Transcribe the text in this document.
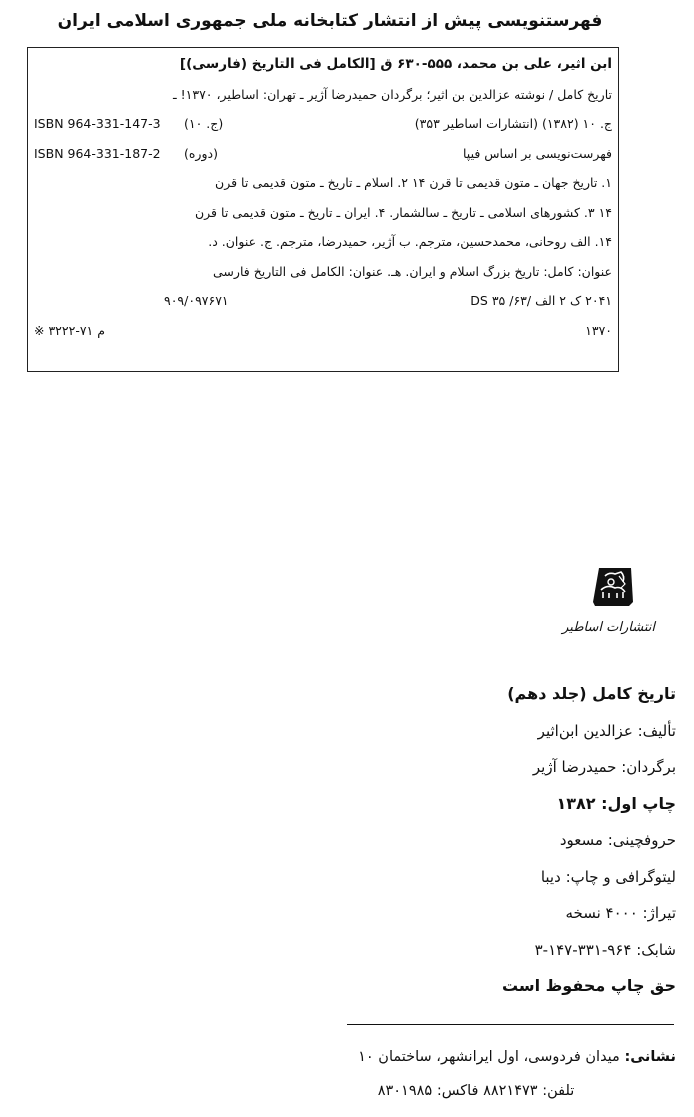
فهرستنویسی پیش از انتشار کتابخانه ملی جمهوری اسلامی ایران
ابن اثیر، علی بن محمد، ۵۵۵-۶۳۰ ق [الکامل فی التاریخ (فارسی)]
تاریخ کامل / نوشته عزالدین بن اثیر؛ برگردان حمیدرضا آژیر ـ تهران: اساطیر، ۱۳۷۰! ـ
ج. ۱۰ (۱۳۸۲) (انتشارات اساطیر ۳۵۳)
(ج. ۱۰)
ISBN 964-331-147-3
فهرست‌نویسی بر اساس فیپا
(دوره)
ISBN 964-331-187-2
۱. تاریخ جهان ـ متون قدیمی تا قرن ۱۴ ۲. اسلام ـ تاریخ ـ متون قدیمی تا قرن
۱۴ ۳. کشورهای اسلامی ـ تاریخ ـ سالشمار. ۴. ایران ـ تاریخ ـ متون قدیمی تا قرن
۱۴. الف روحانی، محمدحسین، مترجم. ب آژیر، حمیدرضا، مترجم. ج. عنوان. د.
عنوان: کامل: تاریخ بزرگ اسلام و ایران. هـ. عنوان: الکامل فی التاریخ فارسی
۲۰۴۱ ک ۲ الف /۶۳/ DS ۳۵
۹۰۹/۰۹۷۶۷۱
۱۳۷۰
م ۷۱-۳۲۲۲ ※
انتشارات اساطیر
تاریخ کامل (جلد دهم)
تألیف: عزالدین ابن‌اثیر
برگردان: حمیدرضا آژیر
چاپ اول: ۱۳۸۲
حروفچینی: مسعود
لیتوگرافی و چاپ: دیبا
تیراژ: ۴۰۰۰ نسخه
شابک: ۹۶۴-۳۳۱-۱۴۷-۳
حق چاپ محفوظ است
نشانی: میدان فردوسی، اول ایرانشهر، ساختمان ۱۰
تلفن: ۸۸۲۱۴۷۳ فاکس: ۸۳۰۱۹۸۵
